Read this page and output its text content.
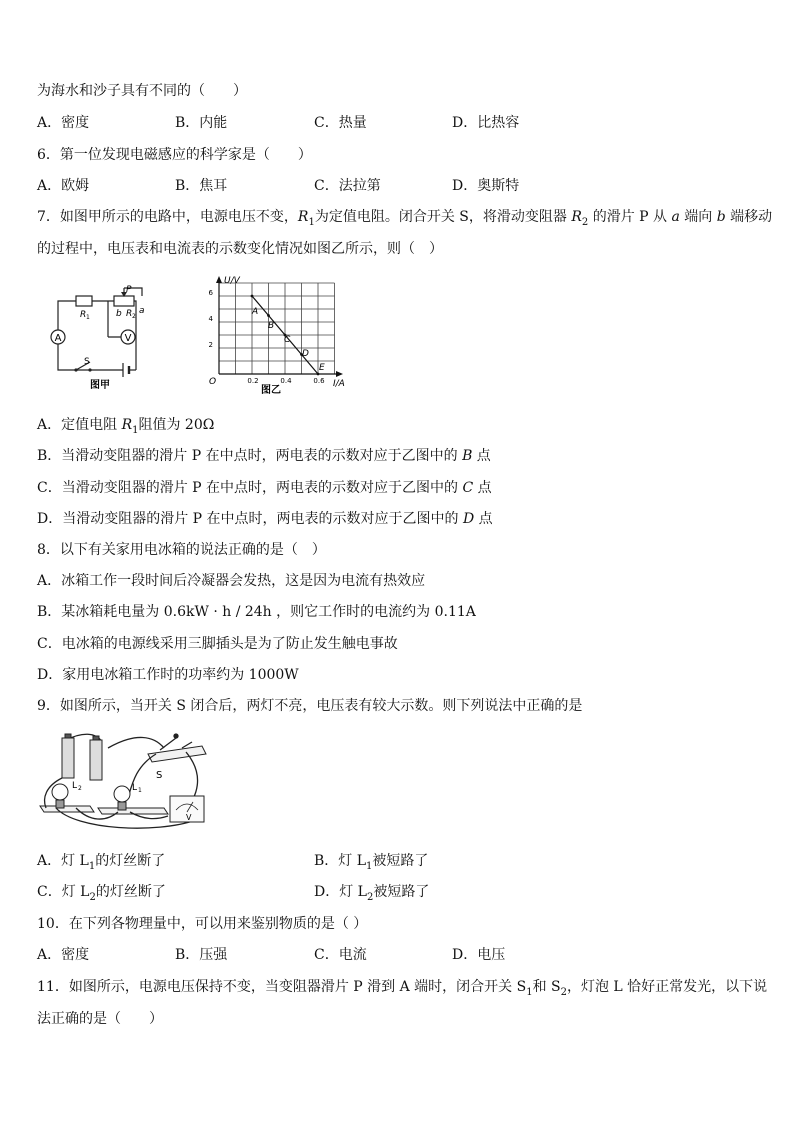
为海水和沙子具有不同的（　　）
A．密度	B．内能	C．热量	D．比热容
6．第一位发现电磁感应的科学家是（　　）
A．欧姆	B．焦耳	C．法拉第	D．奥斯特
7．如图甲所示的电路中，电源电压不变，$R_1$为定值电阻。闭合开关 S，将滑动变阻器 $R_2$ 的滑片 P 从 a 端向 b 端移动
的过程中，电压表和电流表的示数变化情况如图乙所示，则（　）
A	V
R 1	R 2
P
b a
S
图甲
U/V
I/A
O
6
4
2
0.2	0.4	0.6
A
B
C
D
E
图乙
A．定值电阻 $R_1$阻值为 20Ω
B．当滑动变阻器的滑片 P 在中点时，两电表的示数对应于乙图中的 B 点
C．当滑动变阻器的滑片 P 在中点时，两电表的示数对应于乙图中的 C 点
D．当滑动变阻器的滑片 P 在中点时，两电表的示数对应于乙图中的 D 点
8．以下有关家用电冰箱的说法正确的是（　）
A．冰箱工作一段时间后冷凝器会发热，这是因为电流有热效应
B．某冰箱耗电量为 0.6kW · h / 24h ，则它工作时的电流约为 0.11A
C．电冰箱的电源线采用三脚插头是为了防止发生触电事故
D．家用电冰箱工作时的功率约为 1000W
9．如图所示，当开关 S 闭合后，两灯不亮，电压表有较大示数。则下列说法中正确的是
V
S
L 2	L 1
A．灯 $L_1$的灯丝断了	B．灯 $L_1$被短路了
C．灯 $L_2$的灯丝断了	D．灯 $L_2$被短路了
10．在下列各物理量中，可以用来鉴别物质的是（ ）
A．密度	B．压强	C．电流	D．电压
11．如图所示，电源电压保持不变，当变阻器滑片 P 滑到 A 端时，闭合开关 $S_1$和 $S_2$，灯泡 L 恰好正常发光，以下说
法正确的是（　　）
